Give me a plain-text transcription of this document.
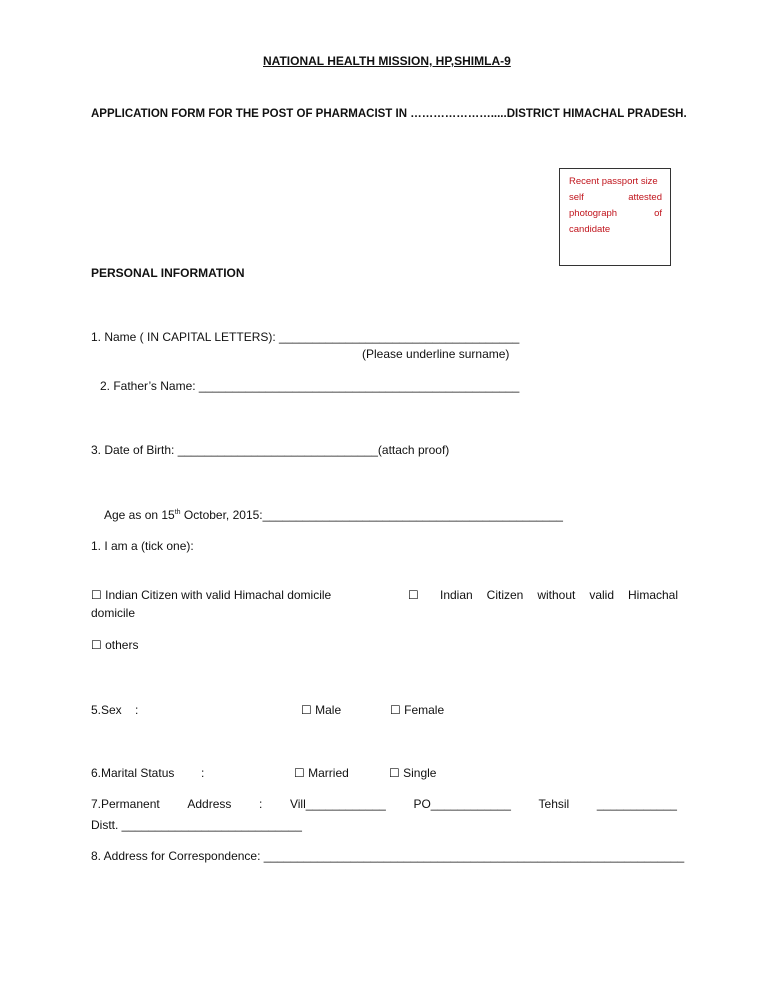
NATIONAL HEALTH MISSION, HP,SHIMLA-9
APPLICATION FORM FOR THE POST OF PHARMACIST IN ………………….....DISTRICT HIMACHAL PRADESH.
Recent passport size
self	attested
photograph	of
candidate
PERSONAL INFORMATION
1. Name ( IN CAPITAL LETTERS): ____________________________________
(Please underline surname)
2. Father’s Name: ________________________________________________
3. Date of Birth: ______________________________(attach proof)
Age as on 15th October, 2015:_____________________________________________
1. I am a (tick one):
☐ Indian Citizen with valid Himachal domicile	☐ Indian Citizen without valid Himachal
domicile
☐ others
5.Sex :	☐ Male	☐ Female
6.Marital Status :	☐ Married	☐ Single
7.Permanent Address : Vill____________ PO____________ Tehsil ____________
Distt. ___________________________
8. Address for Correspondence: _______________________________________________________________
